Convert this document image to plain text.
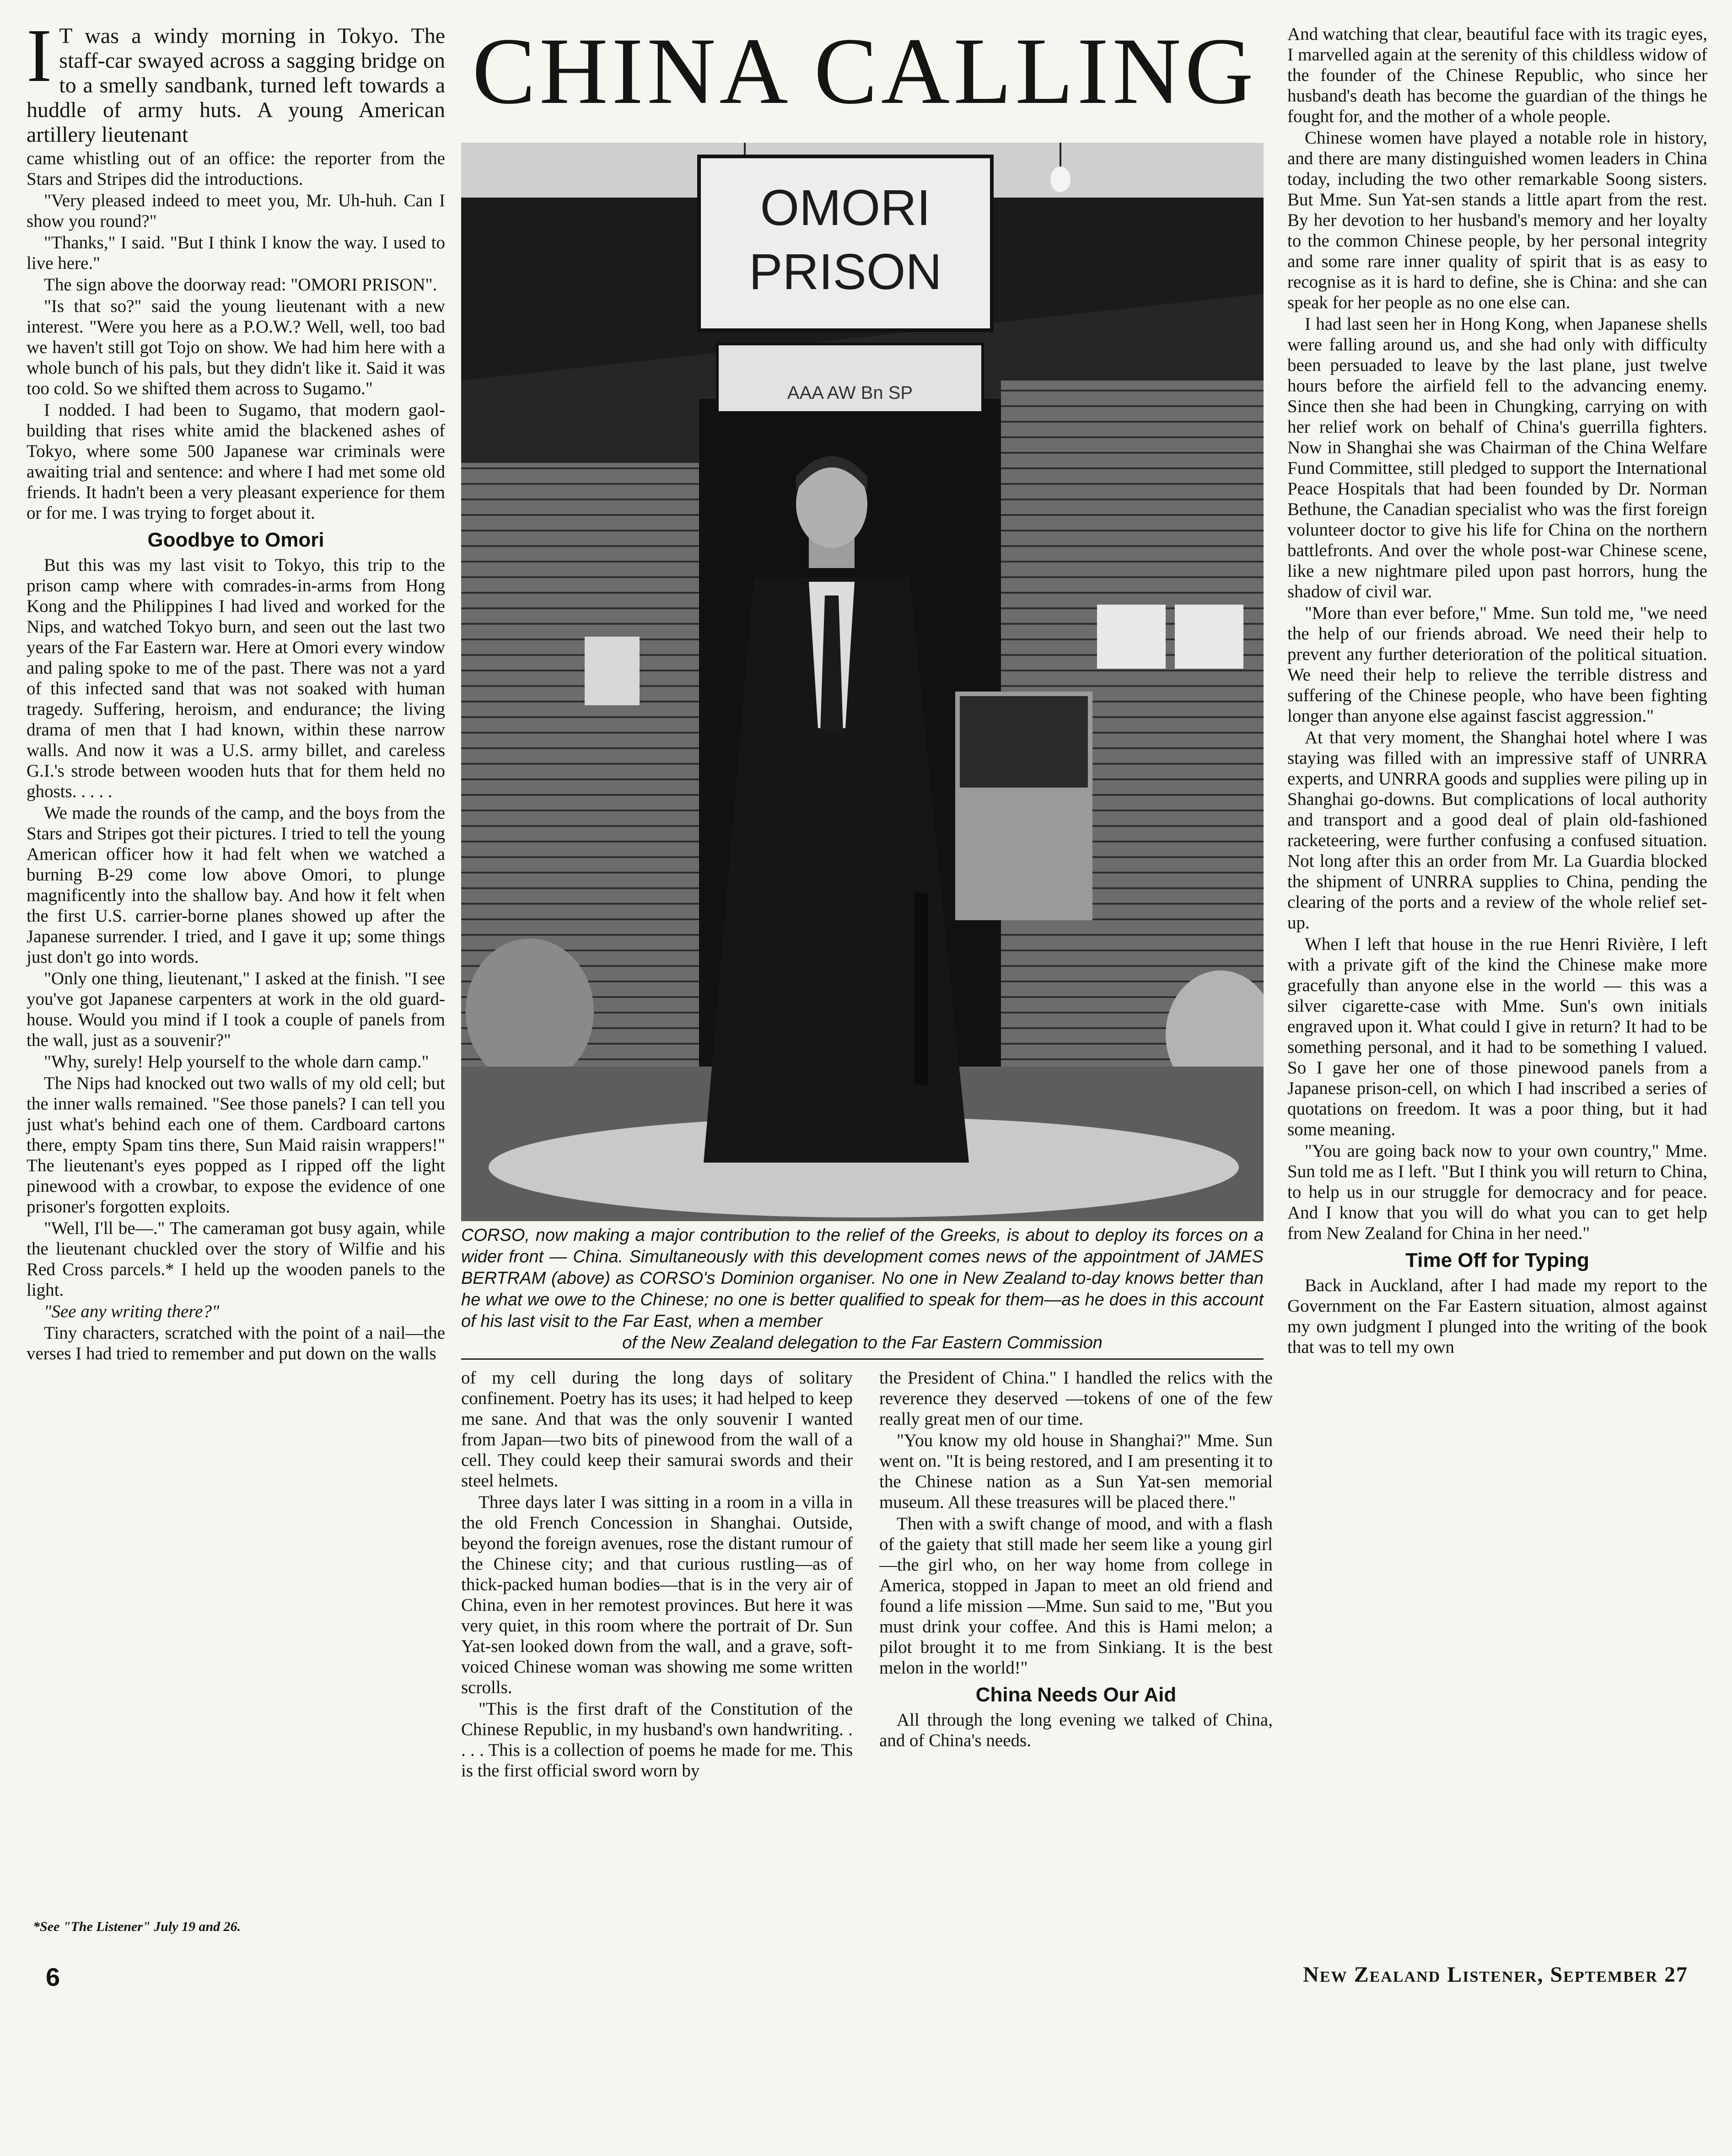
I T was a windy morning in Tokyo. The staff-car swayed across a sagging bridge on to a smelly sandbank, turned left towards a huddle of army huts. A young American artillery lieutenant

came whistling out of an office: the reporter from the Stars and Stripes did the introductions.

"Very pleased indeed to meet you, Mr. Uh-huh. Can I show you round?"

"Thanks," I said. "But I think I know the way. I used to live here."

The sign above the doorway read: "OMORI PRISON".

"Is that so?" said the young lieutenant with a new interest. "Were you here as a P.O.W.? Well, well, too bad we haven't still got Tojo on show. We had him here with a whole bunch of his pals, but they didn't like it. Said it was too cold. So we shifted them across to Sugamo."

I nodded. I had been to Sugamo, that modern gaol-building that rises white amid the blackened ashes of Tokyo, where some 500 Japanese war criminals were awaiting trial and sentence: and where I had met some old friends. It hadn't been a very pleasant experience for them or for me. I was trying to forget about it.

Goodbye to Omori

But this was my last visit to Tokyo, this trip to the prison camp where with comrades-in-arms from Hong Kong and the Philippines I had lived and worked for the Nips, and watched Tokyo burn, and seen out the last two years of the Far Eastern war. Here at Omori every window and paling spoke to me of the past. There was not a yard of this infected sand that was not soaked with human tragedy. Suffering, heroism, and endurance; the living drama of men that I had known, within these narrow walls. And now it was a U.S. army billet, and careless G.I.'s strode between wooden huts that for them held no ghosts. . . . .

We made the rounds of the camp, and the boys from the Stars and Stripes got their pictures. I tried to tell the young American officer how it had felt when we watched a burning B-29 come low above Omori, to plunge magnificently into the shallow bay. And how it felt when the first U.S. carrier-borne planes showed up after the Japanese surrender. I tried, and I gave it up; some things just don't go into words.

"Only one thing, lieutenant," I asked at the finish. "I see you've got Japanese carpenters at work in the old guard-house. Would you mind if I took a couple of panels from the wall, just as a souvenir?"

"Why, surely! Help yourself to the whole darn camp."

The Nips had knocked out two walls of my old cell; but the inner walls remained. "See those panels? I can tell you just what's behind each one of them. Cardboard cartons there, empty Spam tins there, Sun Maid raisin wrappers!" The lieutenant's eyes popped as I ripped off the light pinewood with a crowbar, to expose the evidence of one prisoner's forgotten exploits.

"Well, I'll be—." The cameraman got busy again, while the lieutenant chuckled over the story of Wilfie and his Red Cross parcels.* I held up the wooden panels to the light.

"See any writing there?"

Tiny characters, scratched with the point of a nail—the verses I had tried to remember and put down on the walls

*See "The Listener" July 19 and 26.
CHINA CALLING
OMORI
PRISON
AAA AW Bn SP
CORSO, now making a major contribution to the relief of the Greeks, is about to deploy its forces on a wider front — China. Simultaneously with this development comes news of the appointment of JAMES BERTRAM (above) as CORSO's Dominion organiser. No one in New Zealand to-day knows better than he what we owe to the Chinese; no one is better qualified to speak for them—as he does in this account of his last visit to the Far East, when a member
of the New Zealand delegation to the Far Eastern Commission

of my cell during the long days of solitary confinement. Poetry has its uses; it had helped to keep me sane. And that was the only souvenir I wanted from Japan—two bits of pinewood from the wall of a cell. They could keep their samurai swords and their steel helmets.

Three days later I was sitting in a room in a villa in the old French Concession in Shanghai. Outside, beyond the foreign avenues, rose the distant rumour of the Chinese city; and that curious rustling—as of thick-packed human bodies—that is in the very air of China, even in her remotest provinces. But here it was very quiet, in this room where the portrait of Dr. Sun Yat-sen looked down from the wall, and a grave, soft-voiced Chinese woman was showing me some written scrolls.

"This is the first draft of the Constitution of the Chinese Republic, in my husband's own handwriting. . . . . This is a collection of poems he made for me. This is the first official sword worn by

the President of China." I handled the relics with the reverence they deserved —tokens of one of the few really great men of our time.

"You know my old house in Shanghai?" Mme. Sun went on. "It is being restored, and I am presenting it to the Chinese nation as a Sun Yat-sen memorial museum. All these treasures will be placed there."

Then with a swift change of mood, and with a flash of the gaiety that still made her seem like a young girl—the girl who, on her way home from college in America, stopped in Japan to meet an old friend and found a life mission —Mme. Sun said to me, "But you must drink your coffee. And this is Hami melon; a pilot brought it to me from Sinkiang. It is the best melon in the world!"

China Needs Our Aid

All through the long evening we talked of China, and of China's needs.

And watching that clear, beautiful face with its tragic eyes, I marvelled again at the serenity of this childless widow of the founder of the Chinese Republic, who since her husband's death has become the guardian of the things he fought for, and the mother of a whole people.

Chinese women have played a notable role in history, and there are many distinguished women leaders in China today, including the two other remarkable Soong sisters. But Mme. Sun Yat-sen stands a little apart from the rest. By her devotion to her husband's memory and her loyalty to the common Chinese people, by her personal integrity and some rare inner quality of spirit that is as easy to recognise as it is hard to define, she is China: and she can speak for her people as no one else can.

I had last seen her in Hong Kong, when Japanese shells were falling around us, and she had only with difficulty been persuaded to leave by the last plane, just twelve hours before the airfield fell to the advancing enemy. Since then she had been in Chungking, carrying on with her relief work on behalf of China's guerrilla fighters. Now in Shanghai she was Chairman of the China Welfare Fund Committee, still pledged to support the International Peace Hospitals that had been founded by Dr. Norman Bethune, the Canadian specialist who was the first foreign volunteer doctor to give his life for China on the northern battlefronts. And over the whole post-war Chinese scene, like a new nightmare piled upon past horrors, hung the shadow of civil war.

"More than ever before," Mme. Sun told me, "we need the help of our friends abroad. We need their help to prevent any further deterioration of the political situation. We need their help to relieve the terrible distress and suffering of the Chinese people, who have been fighting longer than anyone else against fascist aggression."

At that very moment, the Shanghai hotel where I was staying was filled with an impressive staff of UNRRA experts, and UNRRA goods and supplies were piling up in Shanghai go-downs. But complications of local authority and transport and a good deal of plain old-fashioned racketeering, were further confusing a confused situation. Not long after this an order from Mr. La Guardia blocked the shipment of UNRRA supplies to China, pending the clearing of the ports and a review of the whole relief set-up.

When I left that house in the rue Henri Rivière, I left with a private gift of the kind the Chinese make more gracefully than anyone else in the world — this was a silver cigarette-case with Mme. Sun's own initials engraved upon it. What could I give in return? It had to be something personal, and it had to be something I valued. So I gave her one of those pinewood panels from a Japanese prison-cell, on which I had inscribed a series of quotations on freedom. It was a poor thing, but it had some meaning.

"You are going back now to your own country," Mme. Sun told me as I left. "But I think you will return to China, to help us in our struggle for democracy and for peace. And I know that you will do what you can to get help from New Zealand for China in her need."

Time Off for Typing

Back in Auckland, after I had made my report to the Government on the Far Eastern situation, almost against my own judgment I plunged into the writing of the book that was to tell my own

6	New Zealand Listener, September 27
